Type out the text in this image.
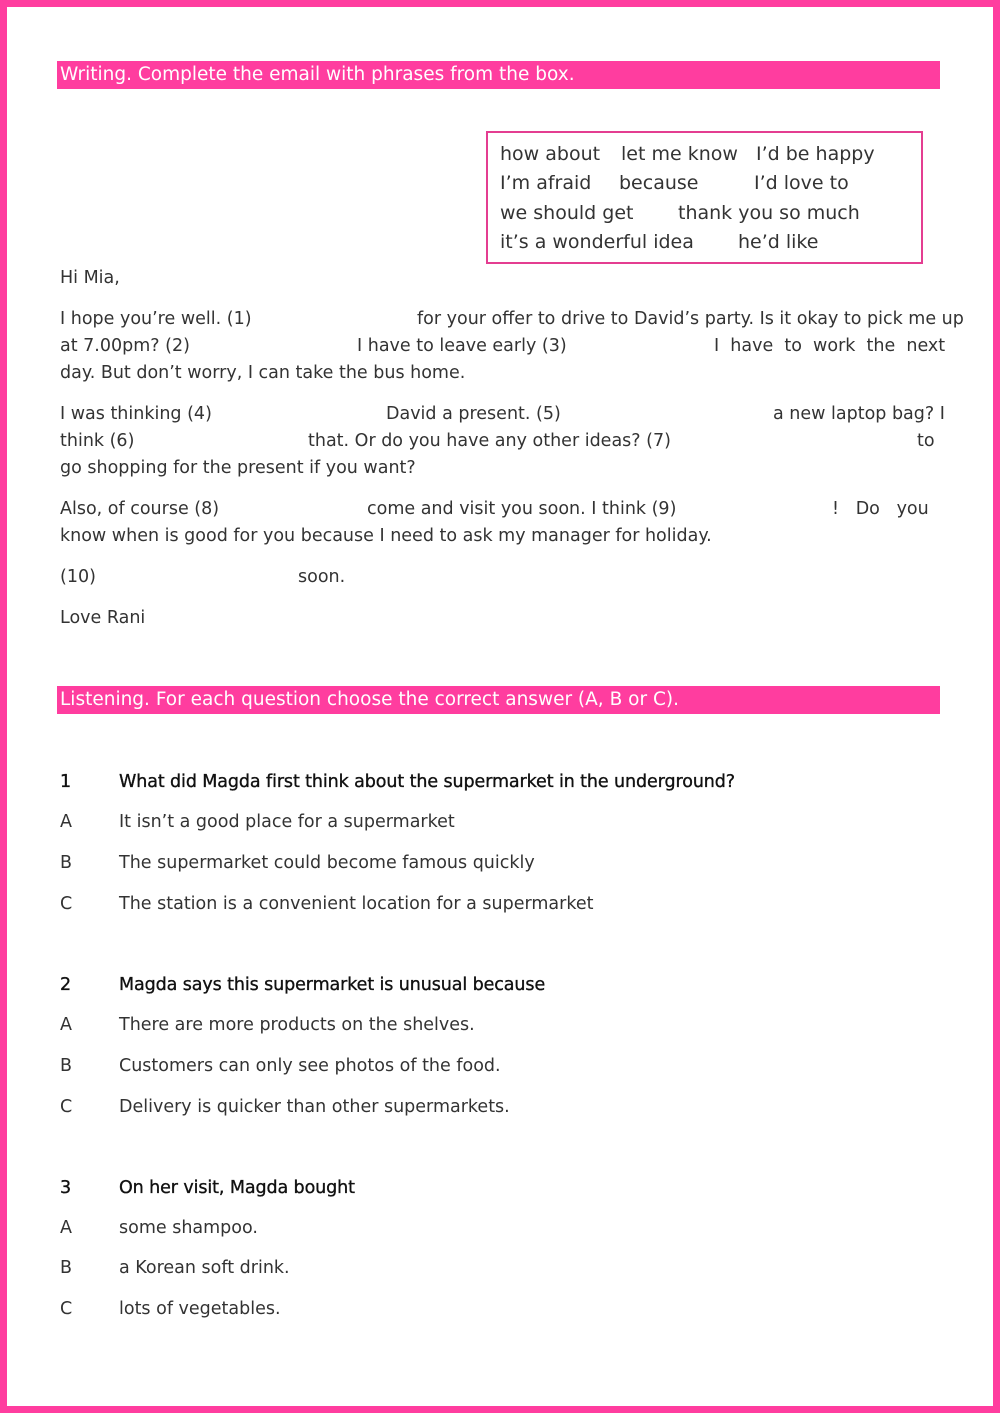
Writing. Complete the email with phrases from the box.
how about let me know I’d be happy
I’m afraid because	I’d love to
we should get thank you so much
it’s a wonderful idea he’d like
Hi Mia,
I hope you’re well. (1)	for your offer to drive to David’s party. Is it okay to pick me up
at 7.00pm? (2)	I have to leave early (3)	I  have  to  work  the  next
day. But don’t worry, I can take the bus home.
I was thinking (4)	David a present. (5)	a new laptop bag? I
think (6)	that. Or do you have any other ideas? (7)	to
go shopping for the present if you want?
Also, of course (8)	come and visit you soon. I think (9)	!   Do   you
know when is good for you because I need to ask my manager for holiday.
(10)	soon.
Love Rani
Listening. For each question choose the correct answer (A, B or C).
1	What did Magda first think about the supermarket in the underground?
A	It isn’t a good place for a supermarket
B	The supermarket could become famous quickly
C	The station is a convenient location for a supermarket
2	Magda says this supermarket is unusual because
A	There are more products on the shelves.
B	Customers can only see photos of the food.
C	Delivery is quicker than other supermarkets.
3	On her visit, Magda bought
A	some shampoo.
B	a Korean soft drink.
C	lots of vegetables.
